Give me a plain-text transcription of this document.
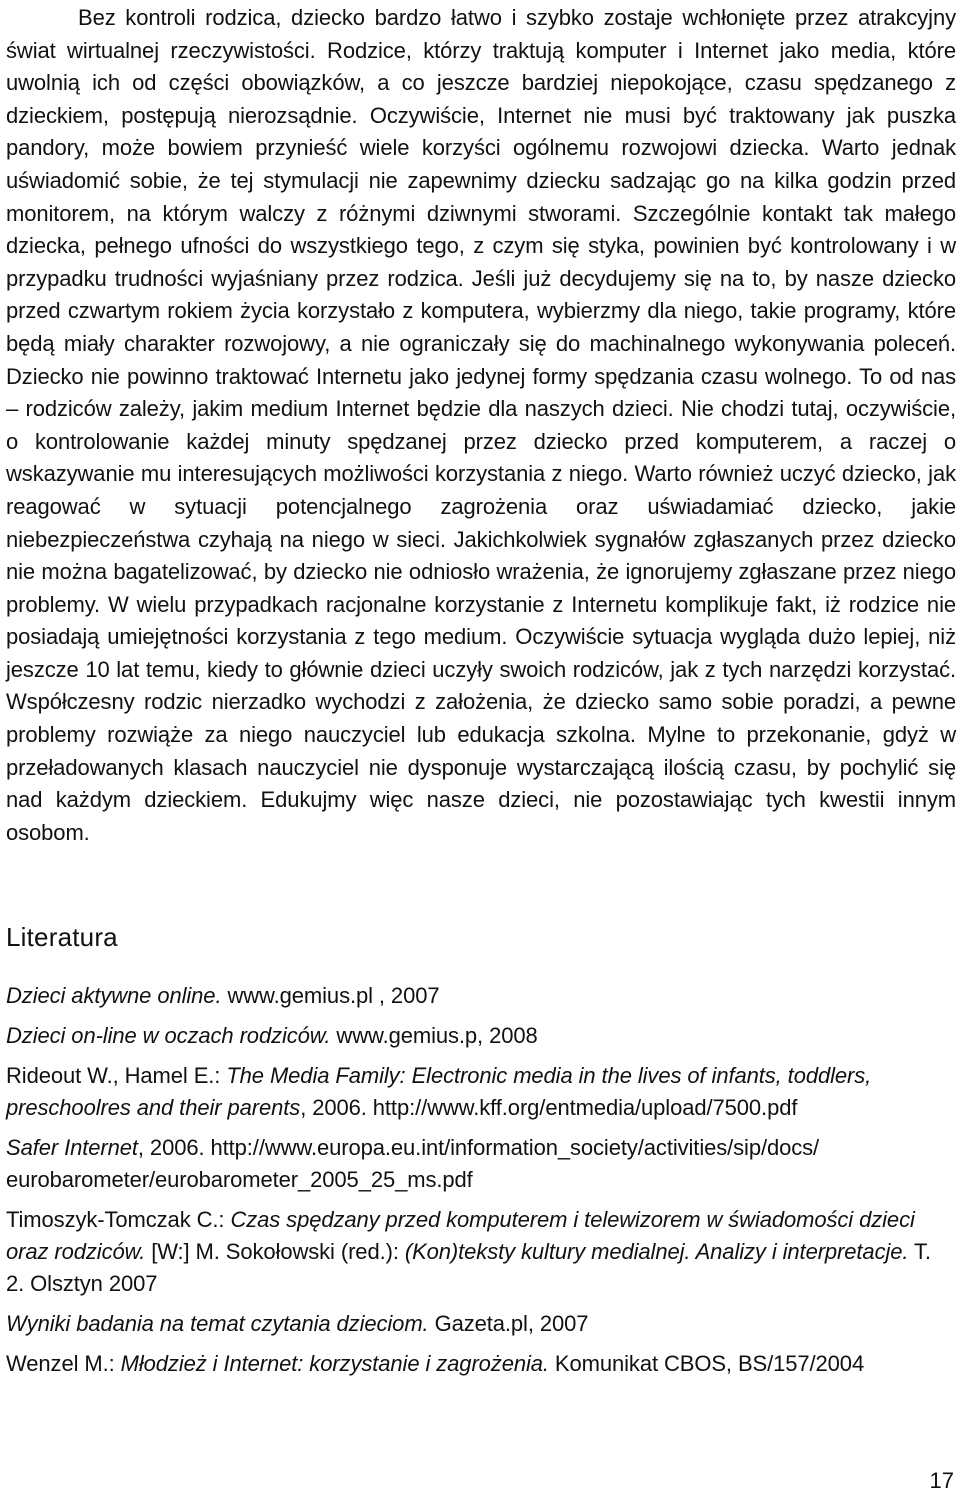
Bez kontroli rodzica, dziecko bardzo łatwo i szybko zostaje wchłonięte przez atrakcyjny świat wirtualnej rzeczywistości. Rodzice, którzy traktują komputer i Internet jako media, które uwolnią ich od części obowiązków, a co jeszcze bardziej niepokojące, czasu spędzanego z dzieckiem, postępują nierozsądnie. Oczywiście, Internet nie musi być traktowany jak puszka pandory, może bowiem przynieść wiele korzyści ogólnemu rozwojowi dziecka. Warto jednak uświadomić sobie, że tej stymulacji nie zapewnimy dziecku sadzając go na kilka godzin przed monitorem, na którym walczy z różnymi dziwnymi stworami. Szczególnie kontakt tak małego dziecka, pełnego ufności do wszystkiego tego, z czym się styka, powinien być kontrolowany i w przypadku trudności wyjaśniany przez rodzica. Jeśli już decydujemy się na to, by nasze dziecko przed czwartym rokiem życia korzystało z komputera, wybierzmy dla niego, takie programy, które będą miały charakter rozwojowy, a nie ograniczały się do machinalnego wykonywania poleceń. Dziecko nie powinno traktować Internetu jako jedynej formy spędzania czasu wolnego. To od nas – rodziców zależy, jakim medium Internet będzie dla naszych dzieci. Nie chodzi tutaj, oczywiście, o kontrolowanie każdej minuty spędzanej przez dziecko przed komputerem, a raczej o wskazywanie mu interesujących możliwości korzystania z niego. Warto również uczyć dziecko, jak reagować w sytuacji potencjalnego zagrożenia oraz uświadamiać dziecko, jakie niebezpieczeństwa czyhają na niego w sieci. Jakichkolwiek sygnałów zgłaszanych przez dziecko nie można bagatelizować, by dziecko nie odniosło wrażenia, że ignorujemy zgłaszane przez niego problemy. W wielu przypadkach racjonalne korzystanie z Internetu komplikuje fakt, iż rodzice nie posiadają umiejętności korzystania z tego medium. Oczywiście sytuacja wygląda dużo lepiej, niż jeszcze 10 lat temu, kiedy to głównie dzieci uczyły swoich rodziców, jak z tych narzędzi korzystać. Współczesny rodzic nierzadko wychodzi z założenia, że dziecko samo sobie poradzi, a pewne problemy rozwiąże za niego nauczyciel lub edukacja szkolna. Mylne to przekonanie, gdyż w przeładowanych klasach nauczyciel nie dysponuje wystarczającą ilością czasu, by pochylić się nad każdym dzieckiem. Edukujmy więc nasze dzieci, nie pozostawiając tych kwestii innym osobom.

Literatura

Dzieci aktywne online. www.gemius.pl , 2007

Dzieci on-line w oczach rodziców. www.gemius.p, 2008

Rideout W., Hamel E.: The Media Family: Electronic media in the lives of infants, toddlers, preschoolres and their parents, 2006. http://www.kff.org/entmedia/upload/7500.pdf

Safer Internet, 2006. http://www.europa.eu.int/information_society/activities/sip/docs/ eurobarometer/eurobarometer_2005_25_ms.pdf

Timoszyk-Tomczak C.: Czas spędzany przed komputerem i telewizorem w świadomości dzieci oraz rodziców. [W:] M. Sokołowski (red.): (Kon)teksty kultury medialnej. Analizy i interpretacje. T. 2. Olsztyn 2007

Wyniki badania na temat czytania dzieciom. Gazeta.pl, 2007

Wenzel M.: Młodzież i Internet: korzystanie i zagrożenia. Komunikat CBOS, BS/157/2004

17
